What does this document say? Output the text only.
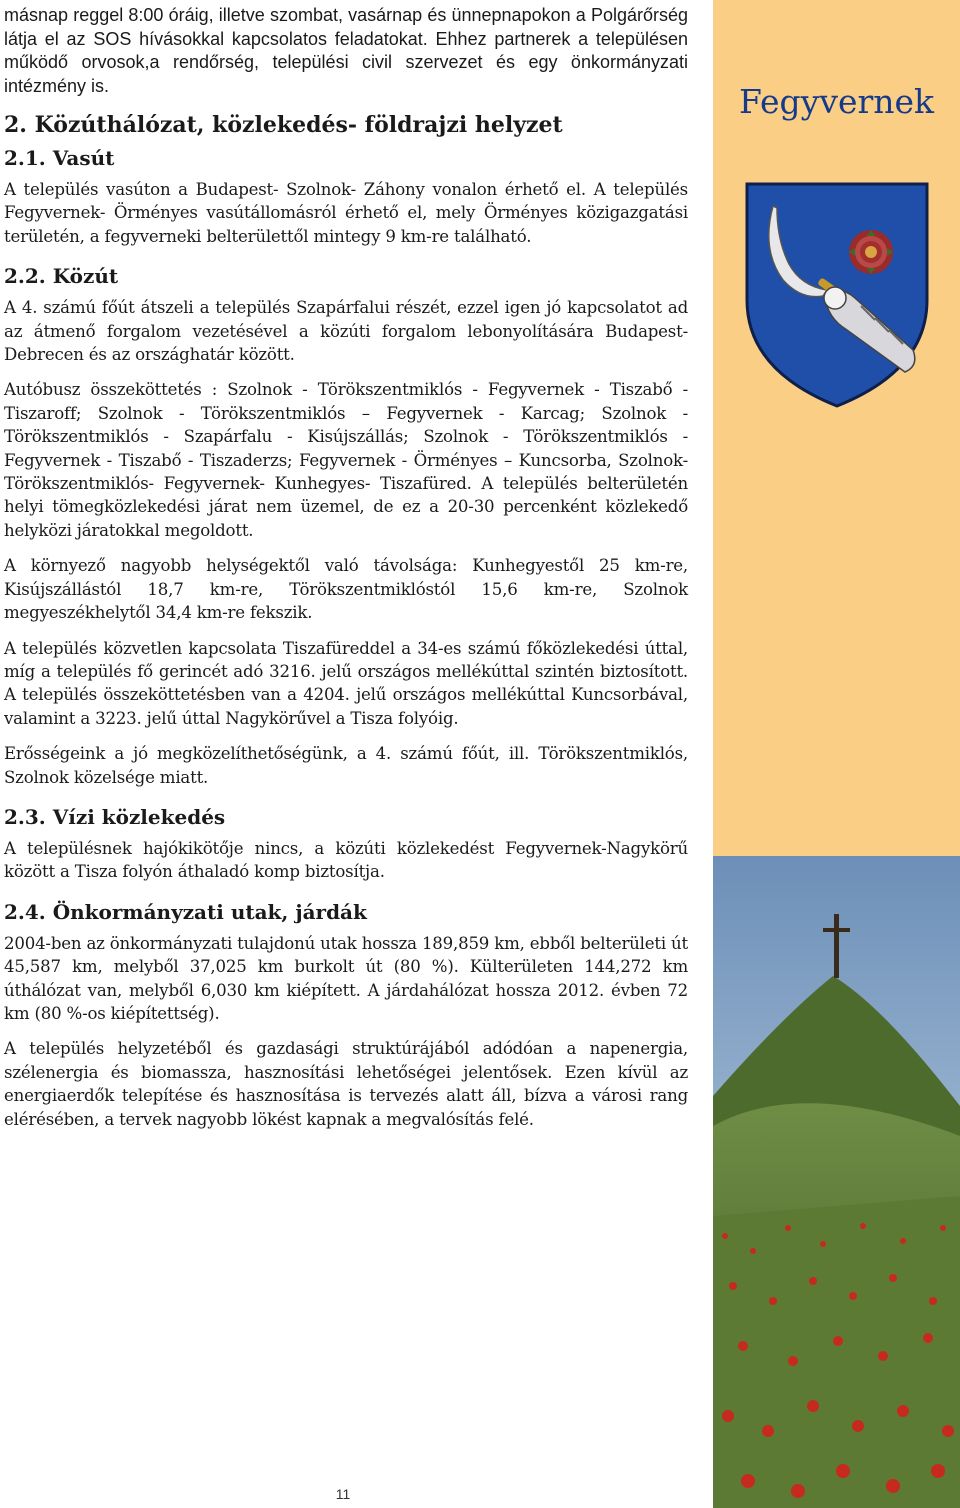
másnap reggel 8:00 óráig, illetve szombat, vasárnap és ünnepnapokon a Polgárőrség látja el az SOS hívásokkal kapcsolatos feladatokat. Ehhez partnerek a településen működő orvosok,a rendőrség, települési civil szervezet és egy önkormányzati intézmény is.

2. Közúthálózat, közlekedés- földrajzi helyzet
2.1. Vasút

A település vasúton a Budapest- Szolnok- Záhony vonalon érhető el. A település Fegyvernek- Örményes vasútállomásról érhető el, mely Örményes közigazgatási területén, a fegyverneki belterülettől mintegy 9 km-re található.

2.2. Közút

A 4. számú főút átszeli a település Szapárfalui részét, ezzel igen jó kapcsolatot ad az átmenő forgalom vezetésével a közúti forgalom lebonyolítására Budapest- Debrecen és az országhatár között.

Autóbusz összeköttetés : Szolnok - Törökszentmiklós - Fegyvernek - Tiszabő - Tiszaroff; Szolnok - Törökszentmiklós – Fegyvernek - Karcag; Szolnok - Törökszentmiklós - Szapárfalu - Kisújszállás; Szolnok - Törökszentmiklós - Fegyvernek - Tiszabő - Tiszaderzs; Fegyvernek - Örményes – Kuncsorba, Szolnok- Törökszentmiklós- Fegyvernek- Kunhegyes- Tiszafüred. A település belterületén helyi tömegközlekedési járat nem üzemel, de ez a 20-30 percenként közlekedő helyközi járatokkal megoldott.

A környező nagyobb helységektől való távolsága: Kunhegyestől 25 km-re, Kisújszállástól 18,7 km-re, Törökszentmiklóstól 15,6 km-re, Szolnok megyeszékhelytől 34,4 km-re fekszik.

A település közvetlen kapcsolata Tiszafüreddel a 34-es számú főközlekedési úttal, míg a település fő gerincét adó 3216. jelű országos mellékúttal szintén biztosított. A település összeköttetésben van a 4204. jelű országos mellékúttal Kuncsorbával, valamint a 3223. jelű úttal Nagykörűvel a Tisza folyóig.

Erősségeink a jó megközelíthetőségünk, a 4. számú főút, ill. Törökszentmiklós, Szolnok közelsége miatt.

2.3. Vízi közlekedés

A településnek hajókikötője nincs, a közúti közlekedést Fegyvernek-Nagykörű között a Tisza folyón áthaladó komp biztosítja.

2.4. Önkormányzati utak, járdák

2004-ben az önkormányzati tulajdonú utak hossza 189,859 km, ebből belterületi út 45,587 km, melyből 37,025 km burkolt út (80 %). Külterületen 144,272 km úthálózat van, melyből 6,030 km kiépített. A járdahálózat hossza 2012. évben 72 km (80 %-os kiépítettség).

A település helyzetéből és gazdasági struktúrájából adódóan a napenergia, szélenergia és biomassza, hasznosítási lehetőségei jelentősek. Ezen kívül az energiaerdők telepítése és hasznosítása is tervezés alatt áll, bízva a városi rang elérésében, a tervek nagyobb lökést kapnak a megvalósítás felé.

Fegyvernek
11
